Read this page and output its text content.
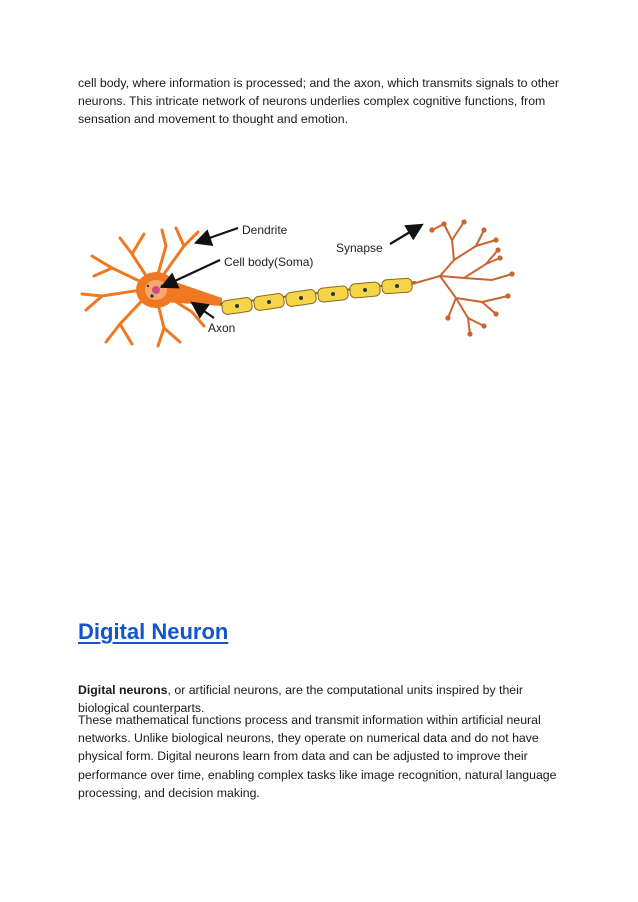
cell body, where information is processed; and the axon, which transmits signals to other neurons. This intricate network of neurons underlies complex cognitive functions, from sensation and movement to thought and emotion.

Dendrite
Cell body(Soma)
Synapse
Axon
Digital Neuron

Digital neurons, or artificial neurons, are the computational units inspired by their biological counterparts.

These mathematical functions process and transmit information within artificial neural networks. Unlike biological neurons, they operate on numerical data and do not have physical form. Digital neurons learn from data and can be adjusted to improve their performance over time, enabling complex tasks like image recognition, natural language processing, and decision making.
